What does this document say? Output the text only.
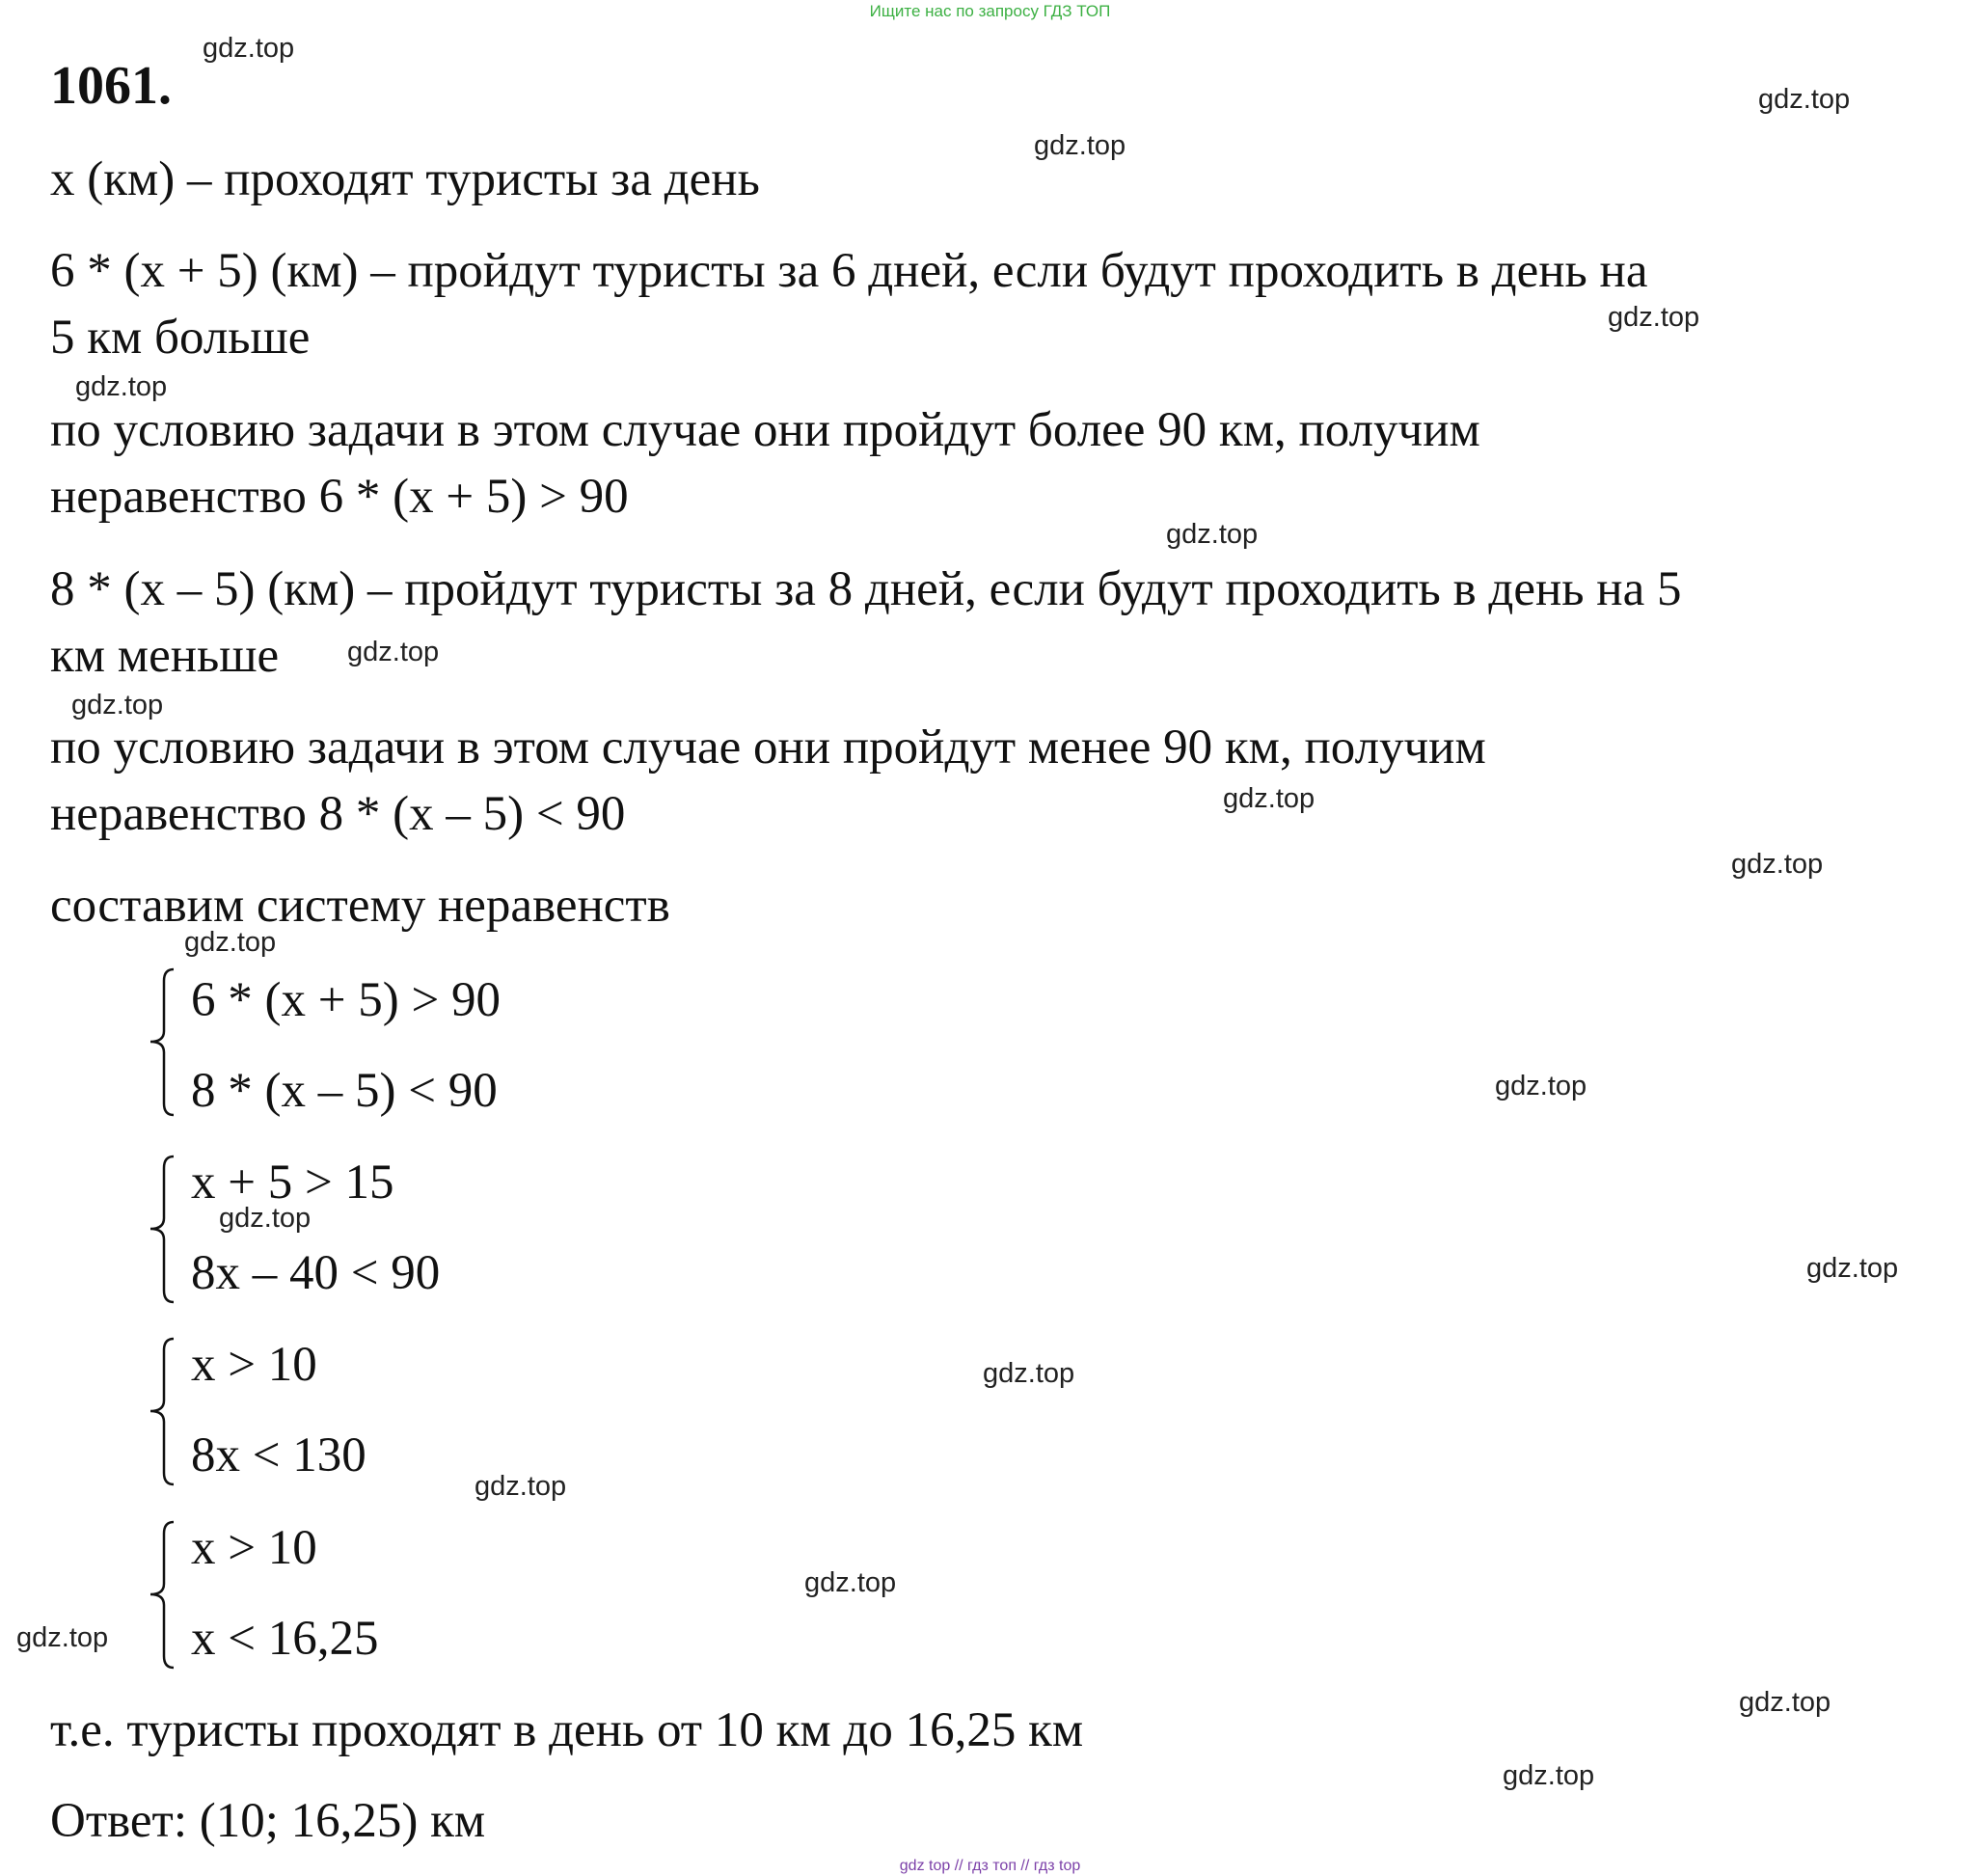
Ищите нас по запросу ГДЗ ТОП
1061.
x (км) – проходят туристы за день
6 * (x + 5) (км) – пройдут туристы за 6 дней, если будут проходить в день на
5 км больше
по условию задачи в этом случае они пройдут более 90 км, получим
неравенство 6 * (x + 5) > 90
8 * (x – 5) (км) – пройдут туристы за 8 дней, если будут проходить в день на 5
км меньше
по условию задачи в этом случае они пройдут менее 90 км, получим
неравенство 8 * (x – 5) < 90
составим систему неравенств
6 * (x + 5) > 90
8 * (x – 5) < 90
x + 5 > 15
8x – 40 < 90
x > 10
8x < 130
x > 10
x < 16,25
т.е. туристы проходят в день от 10 км до 16,25 км
Ответ: (10; 16,25) км
gdz.top
gdz.top
gdz.top
gdz.top
gdz.top
gdz.top
gdz.top
gdz.top
gdz.top
gdz.top
gdz.top
gdz.top
gdz.top
gdz.top
gdz.top
gdz.top
gdz.top
gdz.top
gdz.top
gdz.top
gdz top // гдз топ // гдз top
